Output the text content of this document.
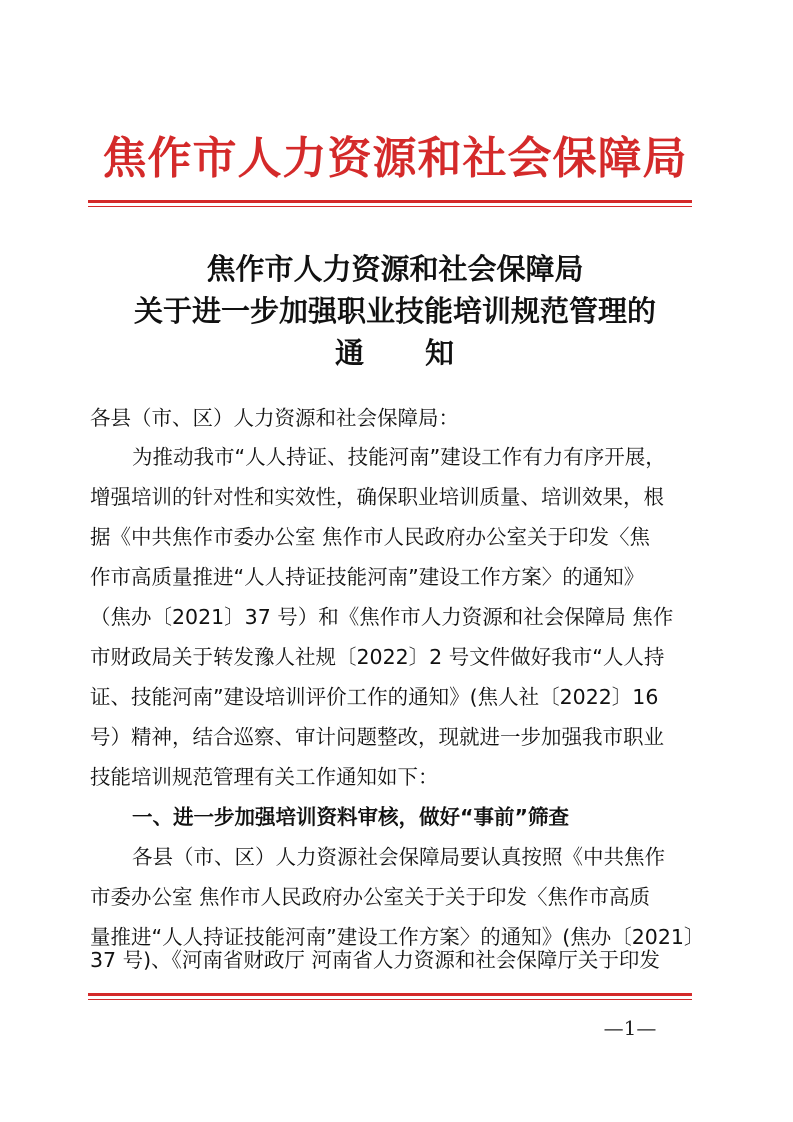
焦作市人力资源和社会保障局
焦作市人力资源和社会保障局
关于进一步加强职业技能培训规范管理的
通　　知
各县（市、区）人力资源和社会保障局：
为推动我市“人人持证、技能河南”建设工作有力有序开展，
增强培训的针对性和实效性，确保职业培训质量、培训效果，根
据《中共焦作市委办公室 焦作市人民政府办公室关于印发〈焦
作市高质量推进“人人持证技能河南”建设工作方案〉的通知》
（焦办〔2021〕37 号）和《焦作市人力资源和社会保障局 焦作
市财政局关于转发豫人社规〔2022〕2 号文件做好我市“人人持
证、技能河南”建设培训评价工作的通知》(焦人社〔2022〕16
号）精神，结合巡察、审计问题整改，现就进一步加强我市职业
技能培训规范管理有关工作通知如下：
一、进一步加强培训资料审核，做好“事前”筛查
各县（市、区）人力资源社会保障局要认真按照《中共焦作
市委办公室 焦作市人民政府办公室关于关于印发〈焦作市高质
量推进“人人持证技能河南”建设工作方案〉的通知》(焦办〔2021〕
37 号)、《河南省财政厅 河南省人力资源和社会保障厅关于印发
—1—
